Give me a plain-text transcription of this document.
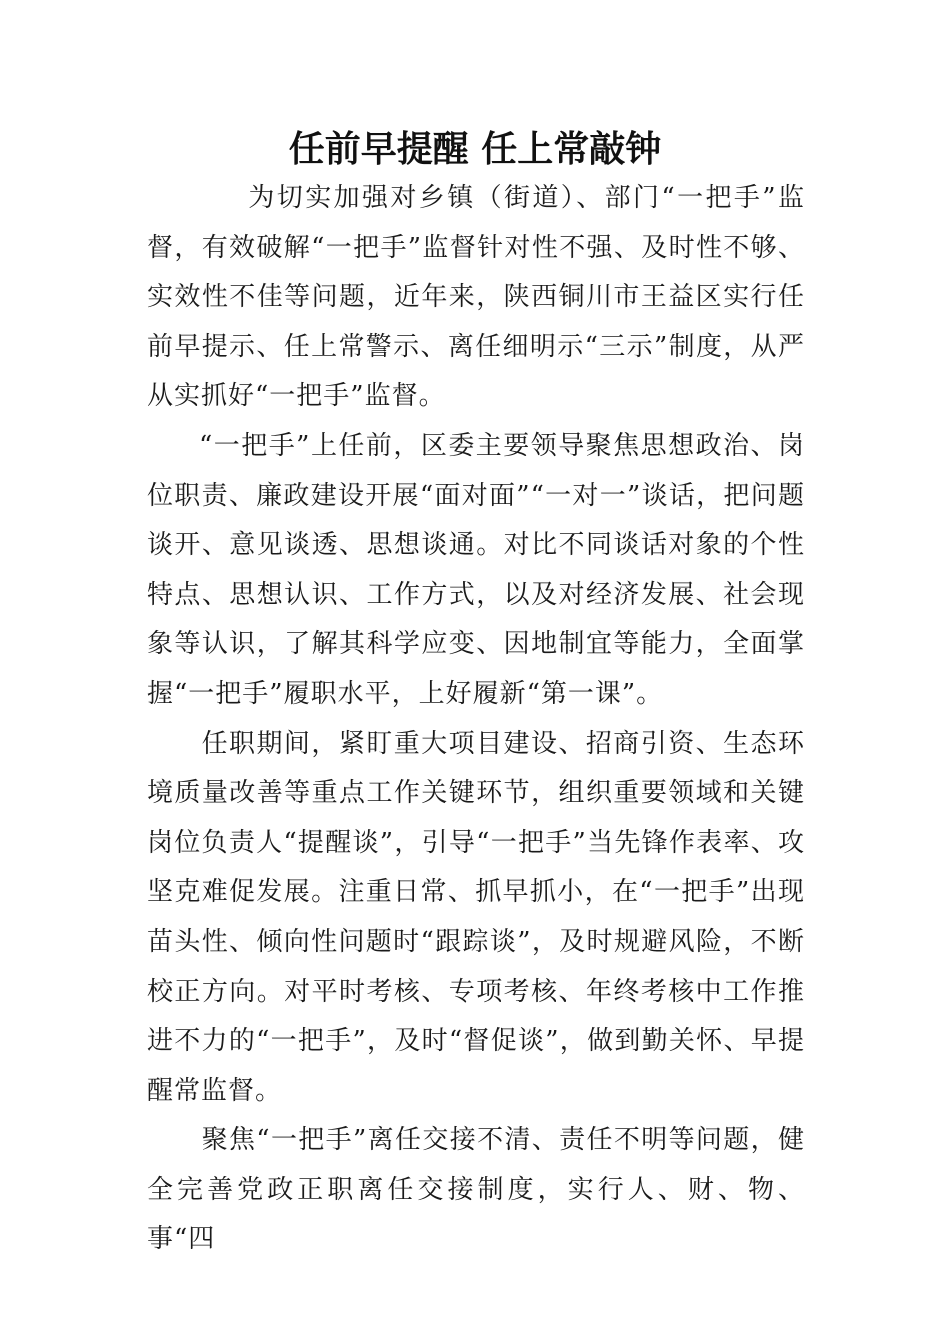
任前早提醒 任上常敲钟

为切实加强对乡镇（街道）、部门“一把手”监督，有效破解“一把手”监督针对性不强、及时性不够、实效性不佳等问题，近年来，陕西铜川市王益区实行任前早提示、任上常警示、离任细明示“三示”制度，从严从实抓好“一把手”监督。

“一把手”上任前，区委主要领导聚焦思想政治、岗位职责、廉政建设开展“面对面”“一对一”谈话，把问题谈开、意见谈透、思想谈通。对比不同谈话对象的个性特点、思想认识、工作方式，以及对经济发展、社会现象等认识，了解其科学应变、因地制宜等能力，全面掌握“一把手”履职水平，上好履新“第一课”。

任职期间，紧盯重大项目建设、招商引资、生态环境质量改善等重点工作关键环节，组织重要领域和关键岗位负责人“提醒谈”，引导“一把手”当先锋作表率、攻坚克难促发展。注重日常、抓早抓小，在“一把手”出现苗头性、倾向性问题时“跟踪谈”，及时规避风险，不断校正方向。对平时考核、专项考核、年终考核中工作推进不力的“一把手”，及时“督促谈”，做到勤关怀、早提醒常监督。

聚焦“一把手”离任交接不清、责任不明等问题，健全完善党政正职离任交接制度，实行人、财、物、事“四
